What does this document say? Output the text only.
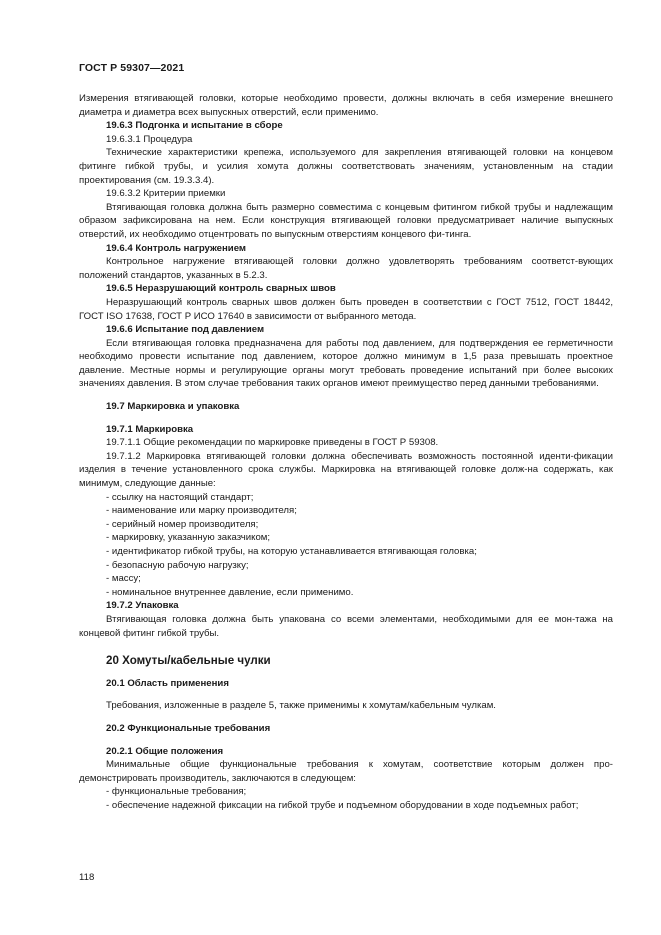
ГОСТ Р 59307—2021

Измерения втягивающей головки, которые необходимо провести, должны включать в себя измерение внешнего диаметра и диаметра всех выпускных отверстий, если применимо.

19.6.3 Подгонка и испытание в сборе

19.6.3.1 Процедура

Технические характеристики крепежа, используемого для закрепления втягивающей головки на концевом фитинге гибкой трубы, и усилия хомута должны соответствовать значениям, установленным на стадии проектирования (см. 19.3.3.4).

19.6.3.2 Критерии приемки

Втягивающая головка должна быть размерно совместима с концевым фитингом гибкой трубы и надлежащим образом зафиксирована на нем. Если конструкция втягивающей головки предусматривает наличие выпускных отверстий, их необходимо отцентровать по выпускным отверстиям концевого фи-тинга.

19.6.4 Контроль нагружением

Контрольное нагружение втягивающей головки должно удовлетворять требованиям соответст-вующих положений стандартов, указанных в 5.2.3.

19.6.5 Неразрушающий контроль сварных швов

Неразрушающий контроль сварных швов должен быть проведен в соответствии с ГОСТ 7512, ГОСТ 18442, ГОСТ ISO 17638, ГОСТ Р ИСО 17640 в зависимости от выбранного метода.

19.6.6 Испытание под давлением

Если втягивающая головка предназначена для работы под давлением, для подтверждения ее герметичности необходимо провести испытание под давлением, которое должно минимум в 1,5 раза превышать проектное давление. Местные нормы и регулирующие органы могут требовать проведение испытаний при более высоких значениях давления. В этом случае требования таких органов имеют преимущество перед данными требованиями.

19.7 Маркировка и упаковка

19.7.1 Маркировка

19.7.1.1 Общие рекомендации по маркировке приведены в ГОСТ Р 59308.

19.7.1.2 Маркировка втягивающей головки должна обеспечивать возможность постоянной иденти-фикации изделия в течение установленного срока службы. Маркировка на втягивающей головке долж-на содержать, как минимум, следующие данные:

- ссылку на настоящий стандарт;

- наименование или марку производителя;

- серийный номер производителя;

- маркировку, указанную заказчиком;

- идентификатор гибкой трубы, на которую устанавливается втягивающая головка;

- безопасную рабочую нагрузку;

- массу;

- номинальное внутреннее давление, если применимо.

19.7.2 Упаковка

Втягивающая головка должна быть упакована со всеми элементами, необходимыми для ее мон-тажа на концевой фитинг гибкой трубы.

20 Хомуты/кабельные чулки

20.1 Область применения

Требования, изложенные в разделе 5, также применимы к хомутам/кабельным чулкам.

20.2 Функциональные требования

20.2.1 Общие положения

Минимальные общие функциональные требования к хомутам, соответствие которым должен про-демонстрировать производитель, заключаются в следующем:

- функциональные требования;

- обеспечение надежной фиксации на гибкой трубе и подъемном оборудовании в ходе подъемных работ;

118
